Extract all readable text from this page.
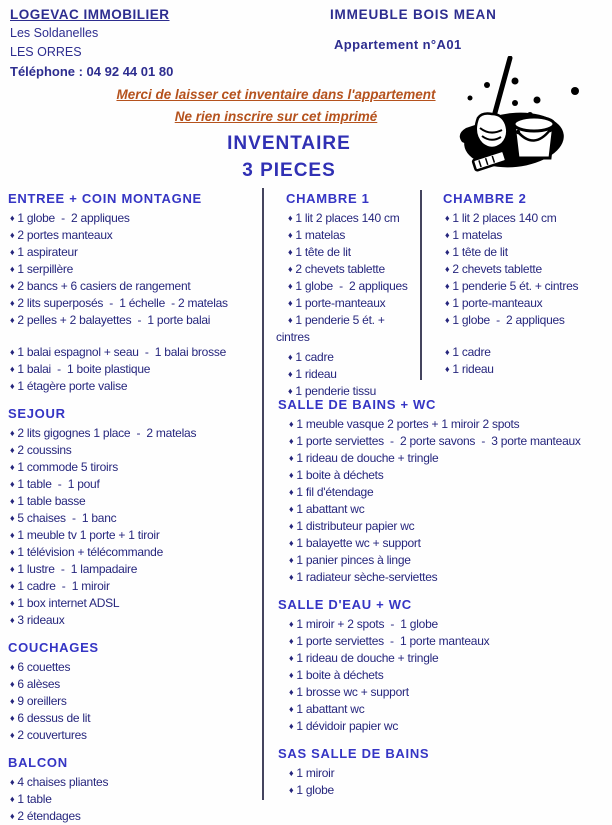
LOGEVAC IMMOBILIER
Les Soldanelles
LES ORRES
Téléphone : 04 92 44 01 80
IMMEUBLE BOIS MEAN
Appartement n°A01
Merci de laisser cet inventaire dans l'appartement
Ne rien inscrire sur cet imprimé
INVENTAIRE
3 PIECES
ENTREE + COIN MONTAGNE
♦ 1 globe  -  2 appliques
♦ 2 portes manteaux
♦ 1 aspirateur
♦ 1 serpillère
♦ 2 bancs + 6 casiers de rangement
♦ 2 lits superposés  -  1 échelle  - 2 matelas
♦ 2 pelles + 2 balayettes  -  1 porte balai
♦ 1 balai espagnol + seau  -  1 balai brosse
♦ 1 balai  -  1 boite plastique
♦ 1 étagère porte valise
SEJOUR
♦ 2 lits gigognes 1 place  -  2 matelas
♦ 2 coussins
♦ 1 commode 5 tiroirs
♦ 1 table  -  1 pouf
♦ 1 table basse
♦ 5 chaises  -  1 banc
♦ 1 meuble tv 1 porte + 1 tiroir
♦ 1 télévision + télécommande
♦ 1 lustre  -  1 lampadaire
♦ 1 cadre  -  1 miroir
♦ 1 box internet ADSL
♦ 3 rideaux
COUCHAGES
♦ 6 couettes
♦ 6 alèses
♦ 9 oreillers
♦ 6 dessus de lit
♦ 2 couvertures
BALCON
♦ 4 chaises pliantes
♦ 1 table
♦ 2 étendages
CHAMBRE 1
♦ 1 lit 2 places 140 cm
♦ 1 matelas
♦ 1 tête de lit
♦ 2 chevets tablette
♦ 1 globe  -  2 appliques
♦ 1 porte-manteaux
♦ 1 penderie 5 ét. + cintres
♦ 1 cadre
♦ 1 rideau
♦ 1 penderie tissu
CHAMBRE 2
♦ 1 lit 2 places 140 cm
♦ 1 matelas
♦ 1 tête de lit
♦ 2 chevets tablette
♦ 1 penderie 5 ét. + cintres
♦ 1 porte-manteaux
♦ 1 globe  -  2 appliques
♦ 1 cadre
♦ 1 rideau
SALLE DE BAINS + WC
♦ 1 meuble vasque 2 portes + 1 miroir 2 spots
♦ 1 porte serviettes  -  2 porte savons  -  3 porte manteaux
♦ 1 rideau de douche + tringle
♦ 1 boite à déchets
♦ 1 fil d'étendage
♦ 1 abattant wc
♦ 1 distributeur papier wc
♦ 1 balayette wc + support
♦ 1 panier pinces à linge
♦ 1 radiateur sèche-serviettes
SALLE D'EAU + WC
♦ 1 miroir + 2 spots  -  1 globe
♦ 1 porte serviettes  -  1 porte manteaux
♦ 1 rideau de douche + tringle
♦ 1 boite à déchets
♦ 1 brosse wc + support
♦ 1 abattant wc
♦ 1 dévidoir papier wc
SAS SALLE DE BAINS
♦ 1 miroir
♦ 1 globe
